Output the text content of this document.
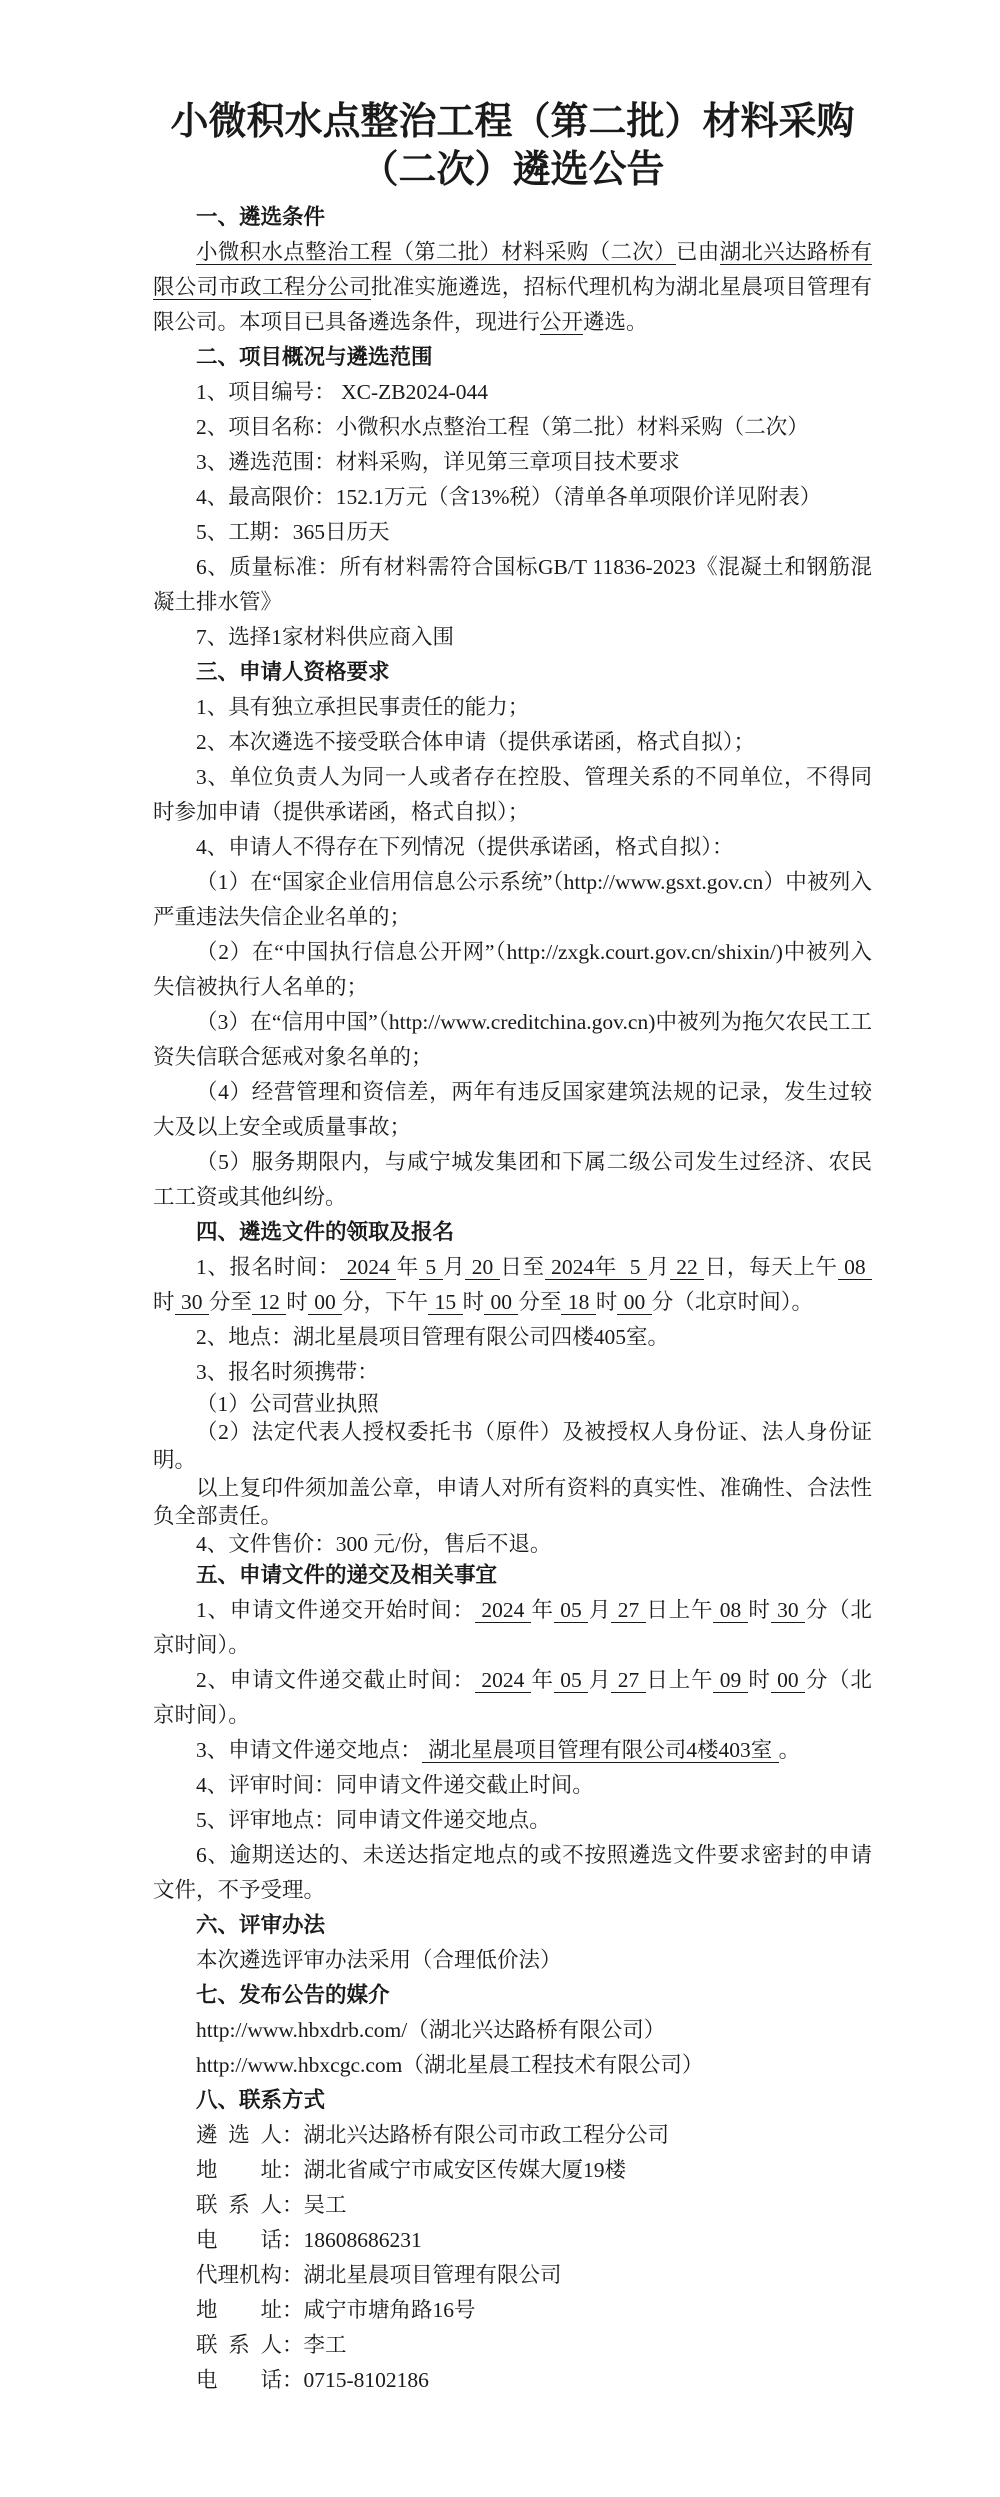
小微积水点整治工程（第二批）材料采购
（二次）遴选公告

一、遴选条件

小微积水点整治工程（第二批）材料采购（二次）已由湖北兴达路桥有限公司市政工程分公司批准实施遴选，招标代理机构为湖北星晨项目管理有限公司。本项目已具备遴选条件，现进行公开遴选。

二、项目概况与遴选范围

1、项目编号： XC-ZB2024-044

2、项目名称：小微积水点整治工程（第二批）材料采购（二次）

3、遴选范围：材料采购，详见第三章项目技术要求

4、最高限价：152.1万元（含13%税）（清单各单项限价详见附表）

5、工期：365日历天

6、质量标准：所有材料需符合国标GB/T 11836-2023《混凝土和钢筋混凝土排水管》

7、选择1家材料供应商入围

三、申请人资格要求

1、具有独立承担民事责任的能力；

2、本次遴选不接受联合体申请（提供承诺函，格式自拟）；

3、单位负责人为同一人或者存在控股、管理关系的不同单位，不得同时参加申请（提供承诺函，格式自拟）；

4、申请人不得存在下列情况（提供承诺函，格式自拟）：

（1）在“国家企业信用信息公示系统”（http://www.gsxt.gov.cn）中被列入严重违法失信企业名单的；

（2）在“中国执行信息公开网”（http://zxgk.court.gov.cn/shixin/)中被列入失信被执行人名单的；

（3）在“信用中国”（http://www.creditchina.gov.cn)中被列为拖欠农民工工资失信联合惩戒对象名单的；

（4）经营管理和资信差，两年有违反国家建筑法规的记录，发生过较大及以上安全或质量事故；

（5）服务期限内，与咸宁城发集团和下属二级公司发生过经济、农民工工资或其他纠纷。

四、遴选文件的领取及报名

1、报名时间： 2024 年 5 月 20 日至 2024年 5 月 22 日，每天上午 08时 30 分至 12 时 00 分，下午 15 时 00 分至 18 时 00 分（北京时间）。

2、地点：湖北星晨项目管理有限公司四楼405室。

3、报名时须携带：

（1）公司营业执照

（2）法定代表人授权委托书（原件）及被授权人身份证、法人身份证明。

以上复印件须加盖公章，申请人对所有资料的真实性、准确性、合法性负全部责任。

4、文件售价：300 元/份，售后不退。

五、申请文件的递交及相关事宜

1、申请文件递交开始时间： 2024 年 05 月 27 日上午 08 时 30 分（北京时间）。

2、申请文件递交截止时间： 2024 年 05 月 27 日上午 09 时 00 分（北京时间）。

3、申请文件递交地点： 湖北星晨项目管理有限公司4楼403室 。

4、评审时间：同申请文件递交截止时间。

5、评审地点：同申请文件递交地点。

6、逾期送达的、未送达指定地点的或不按照遴选文件要求密封的申请文件，不予受理。

六、评审办法

本次遴选评审办法采用（合理低价法）

七、发布公告的媒介

http://www.hbxdrb.com/（湖北兴达路桥有限公司）

http://www.hbxcgc.com（湖北星晨工程技术有限公司）

八、联系方式

遴选人：湖北兴达路桥有限公司市政工程分公司

地址：湖北省咸宁市咸安区传媒大厦19楼

联系人：吴工

电话：18608686231

代理机构：湖北星晨项目管理有限公司

地址：咸宁市塘角路16号

联系人：李工

电话：0715-8102186
